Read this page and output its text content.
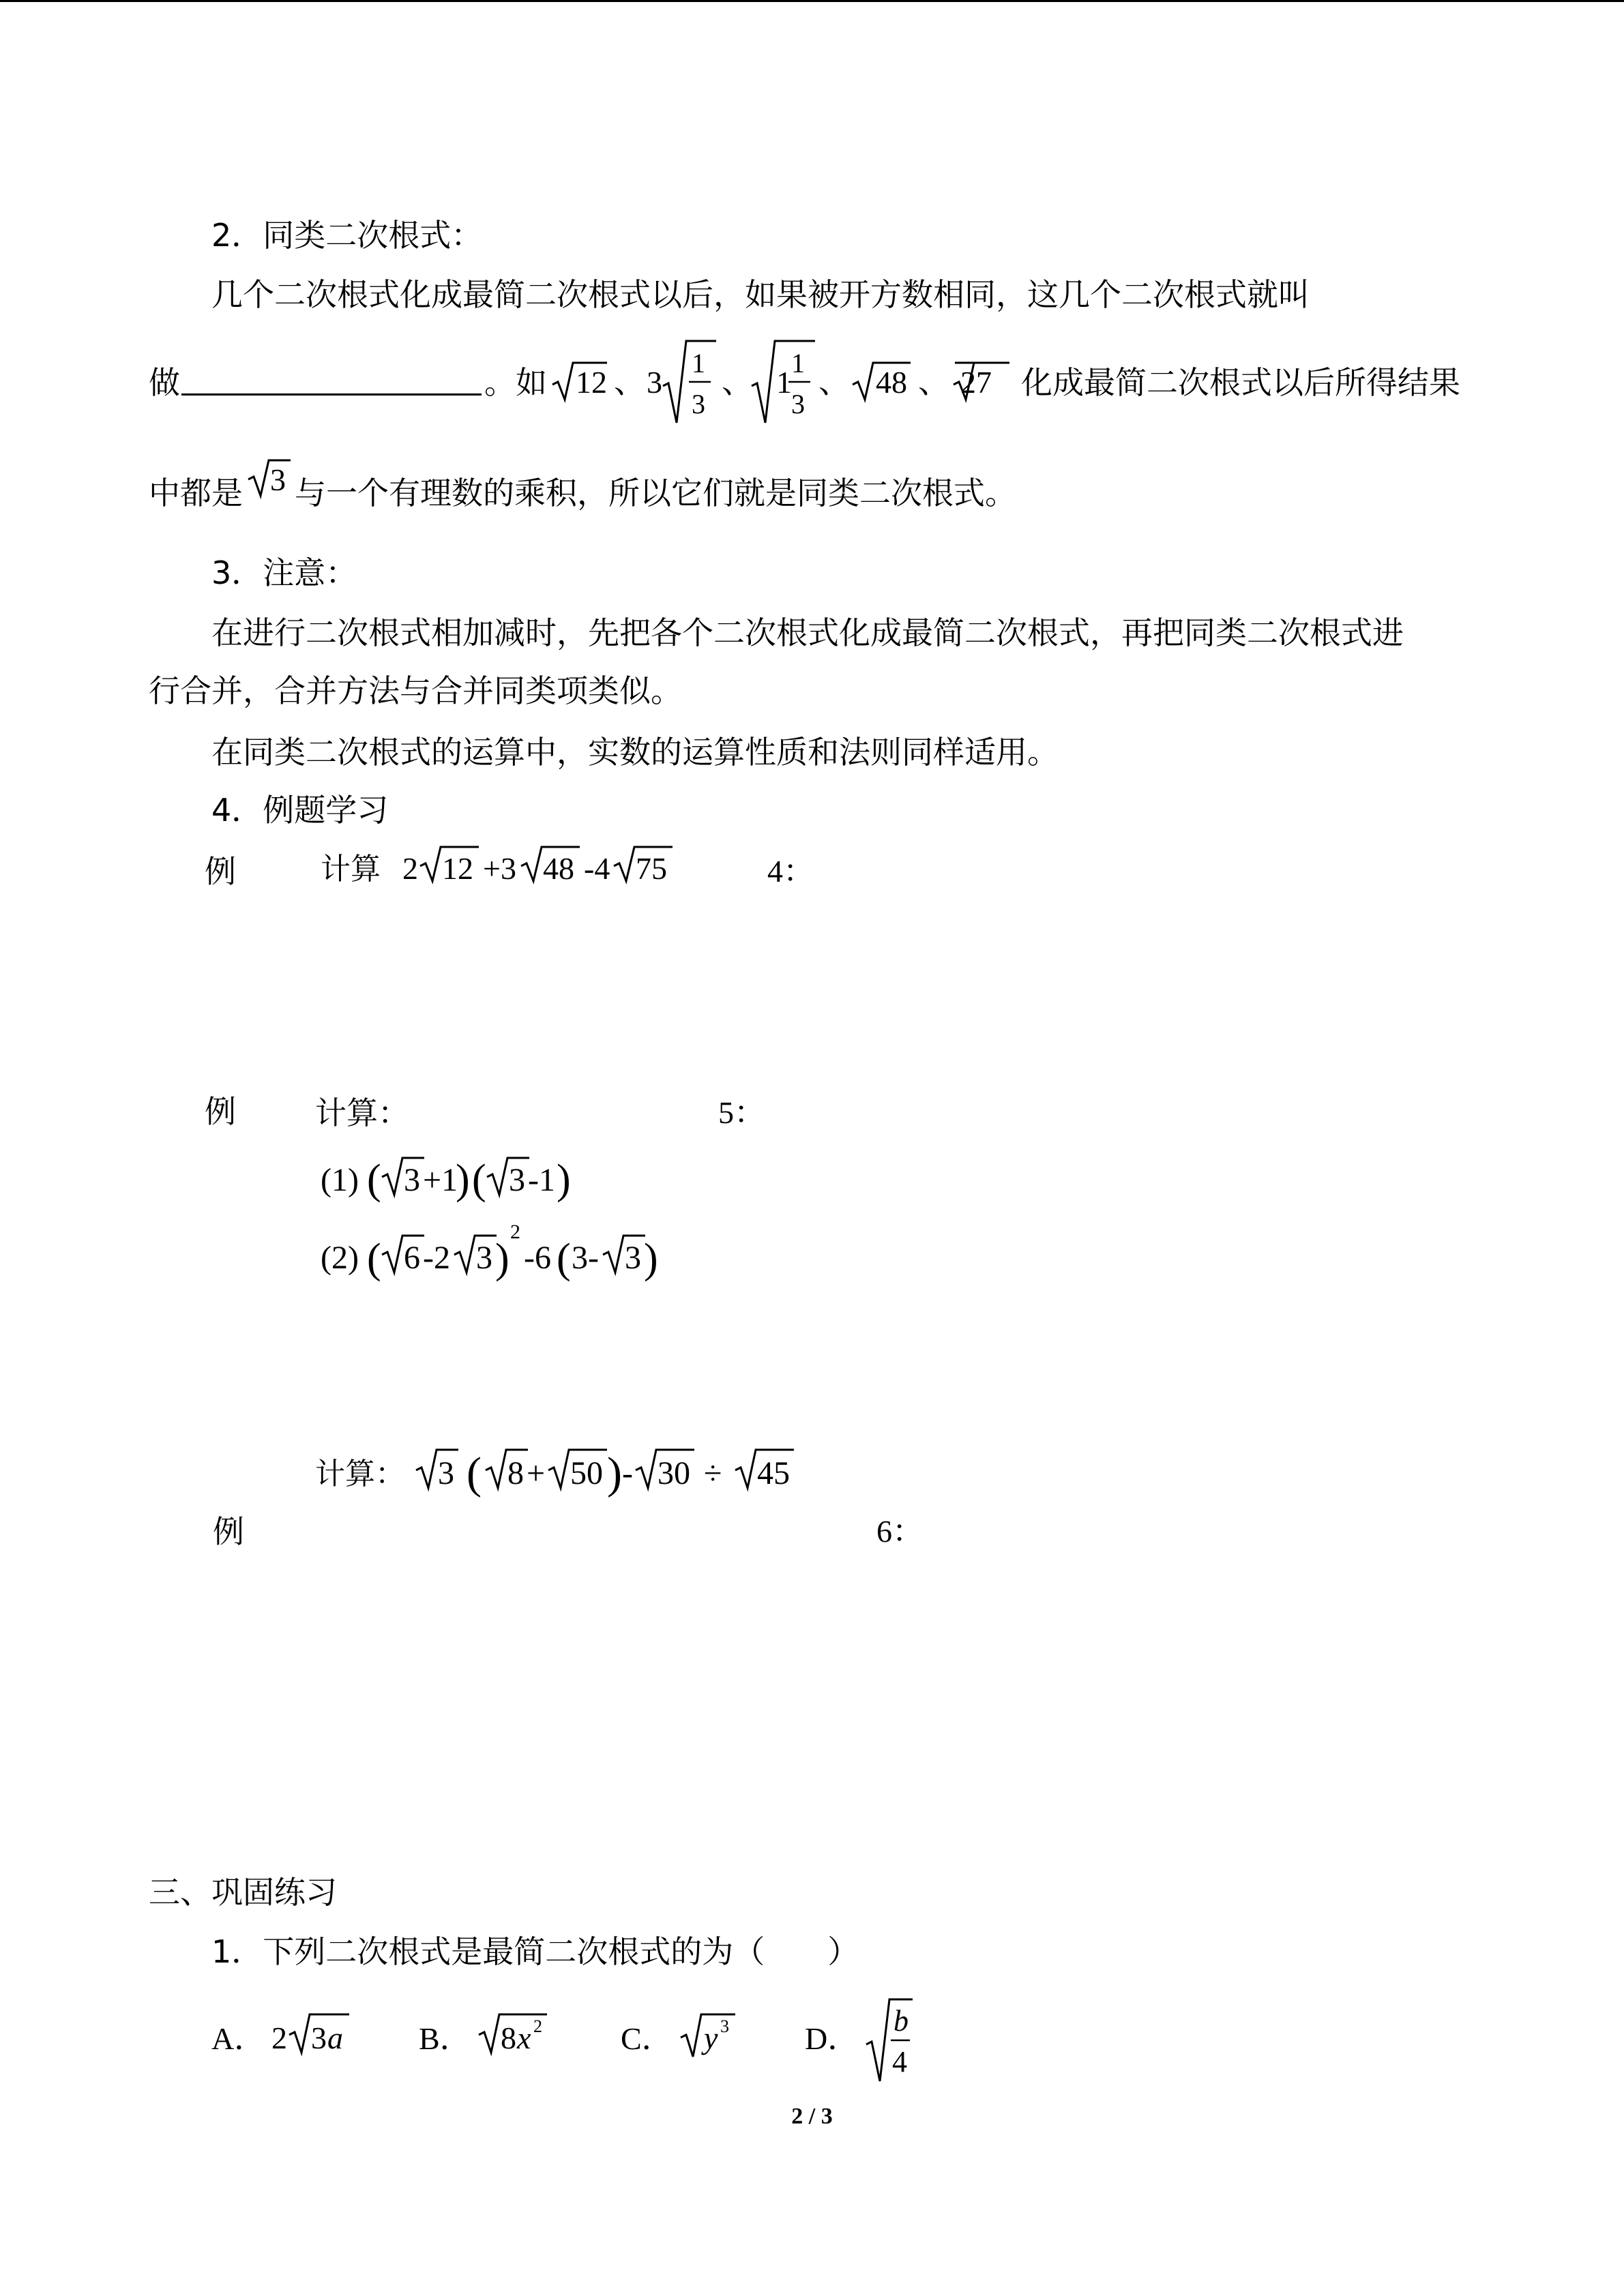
2．同类二次根式：
几个二次根式化成最简二次根式以后，如果被开方数相同，这几个二次根式就叫
做	。如 12 、 3
1
3
、 1
1
3
、 48 、 27 化成最简二次根式以后所得结果
中都是 3 与一个有理数的乘积，所以它们就是同类二次根式。
3．注意：
在进行二次根式相加减时，先把各个二次根式化成最简二次根式，再把同类二次根式进
行合并，合并方法与合并同类项类似。
在同类二次根式的运算中，实数的运算性质和法则同样适用。
4．例题学习
例	计算 2 12 +3 48 -4 75	4：
例	计算：	5：
(1) ( 3 +1
) ( 3 -1 )
(2) ( 6 -2 3 )
2
-6 ( 3- 3 )
计算： 3 ( 8 + 50 ) - 30 ÷ 45
例	6：
三、巩固练习
1．下列二次根式是最简二次根式的为（　　）
A． 2 3 a B． 8 x 2	C． y 3 D．
b
4
2 / 3
